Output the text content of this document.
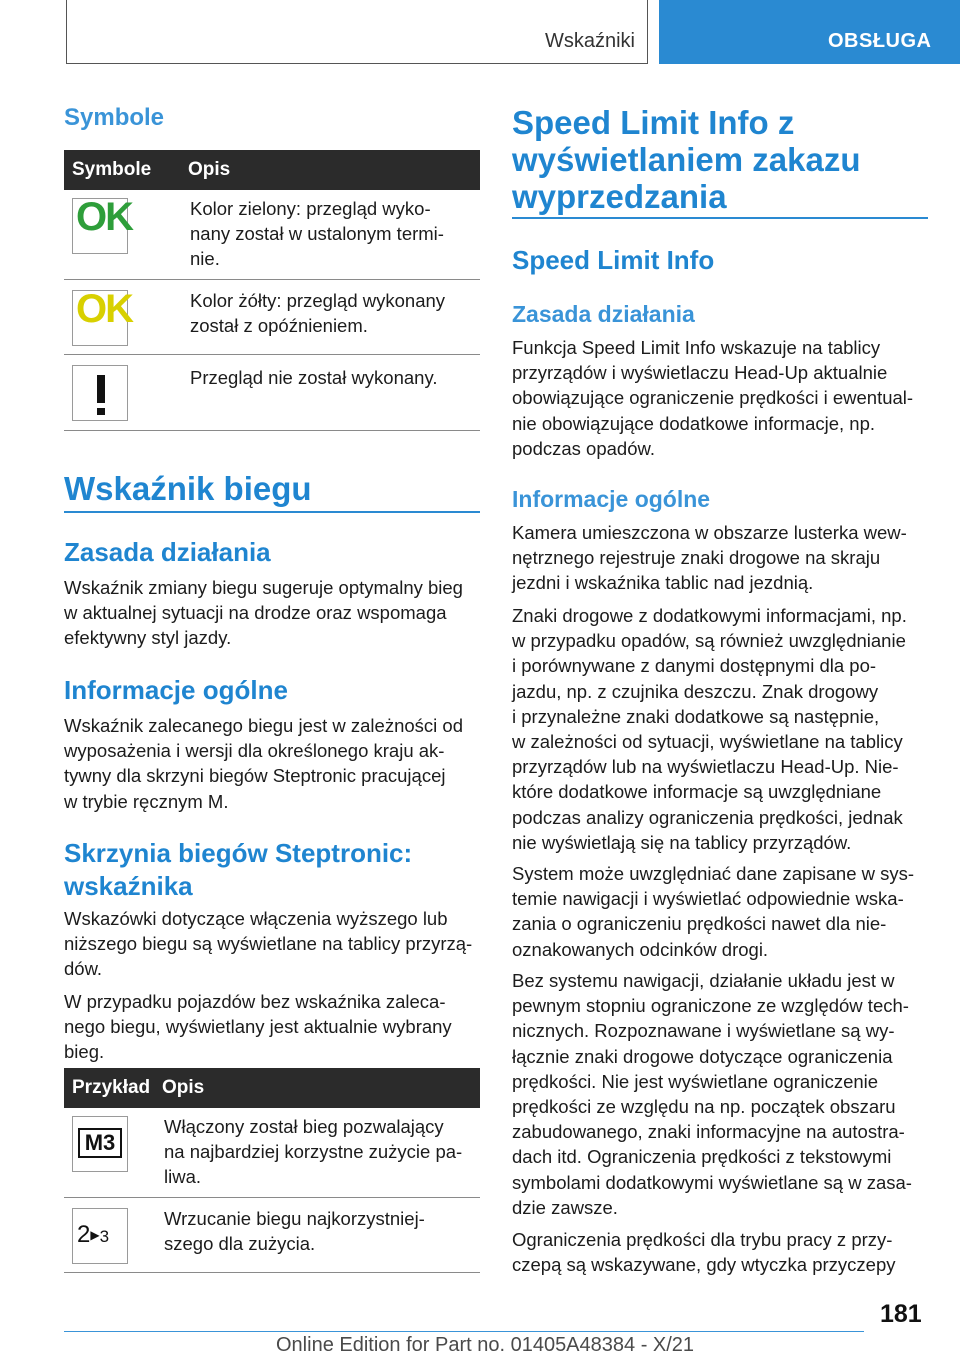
Wskaźniki	OBSŁUGA
Symbole
Symbole	Opis

OK	Kolor zielony: przegląd wyko-
nany został w ustalonym termi-
nie.

OK	Kolor żółty: przegląd wykonany
został z opóźnieniem.

	Przegląd nie został wykonany.
Wskaźnik biegu
Zasada działania
Wskaźnik zmiany biegu sugeruje optymalny bieg
w aktualnej sytuacji na drodze oraz wspomaga
efektywny styl jazdy.
Informacje ogólne
Wskaźnik zalecanego biegu jest w zależności od
wyposażenia i wersji dla określonego kraju ak-
tywny dla skrzyni biegów Steptronic pracującej
w trybie ręcznym M.
Skrzynia biegów Steptronic:
wskaźnika
Wskazówki dotyczące włączenia wyższego lub
niższego biegu są wyświetlane na tablicy przyrzą-
dów.
W przypadku pojazdów bez wskaźnika zaleca-
nego biegu, wyświetlany jest aktualnie wybrany
bieg.
Przykład	Opis

M3	Włączony został bieg pozwalający
na najbardziej korzystne zużycie pa-
liwa.

2▶3	Wrzucanie biegu najkorzystniej-
szego dla zużycia.
Speed Limit Info z
wyświetlaniem zakazu
wyprzedzania
Speed Limit Info
Zasada działania
Funkcja Speed Limit Info wskazuje na tablicy
przyrządów i wyświetlaczu Head-Up aktualnie
obowiązujące ograniczenie prędkości i ewentual-
nie obowiązujące dodatkowe informacje, np.
podczas opadów.
Informacje ogólne
Kamera umieszczona w obszarze lusterka wew-
nętrznego rejestruje znaki drogowe na skraju
jezdni i wskaźnika tablic nad jezdnią.
Znaki drogowe z dodatkowymi informacjami, np.
w przypadku opadów, są również uwzględnianie
i porównywane z danymi dostępnymi dla po-
jazdu, np. z czujnika deszczu. Znak drogowy
i przynależne znaki dodatkowe są następnie,
w zależności od sytuacji, wyświetlane na tablicy
przyrządów lub na wyświetlaczu Head-Up. Nie-
które dodatkowe informacje są uwzględniane
podczas analizy ograniczenia prędkości, jednak
nie wyświetlają się na tablicy przyrządów.
System może uwzględniać dane zapisane w sys-
temie nawigacji i wyświetlać odpowiednie wska-
zania o ograniczeniu prędkości nawet dla nie-
oznakowanych odcinków drogi.
Bez systemu nawigacji, działanie układu jest w
pewnym stopniu ograniczone ze względów tech-
nicznych. Rozpoznawane i wyświetlane są wy-
łącznie znaki drogowe dotyczące ograniczenia
prędkości. Nie jest wyświetlane ograniczenie
prędkości ze względu na np. początek obszaru
zabudowanego, znaki informacyjne na autostra-
dach itd. Ograniczenia prędkości z tekstowymi
symbolami dodatkowymi wyświetlane są w zasa-
dzie zawsze.
Ograniczenia prędkości dla trybu pracy z przy-
czepą są wskazywane, gdy wtyczka przyczepy
181
Online Edition for Part no. 01405A48384 - X/21
